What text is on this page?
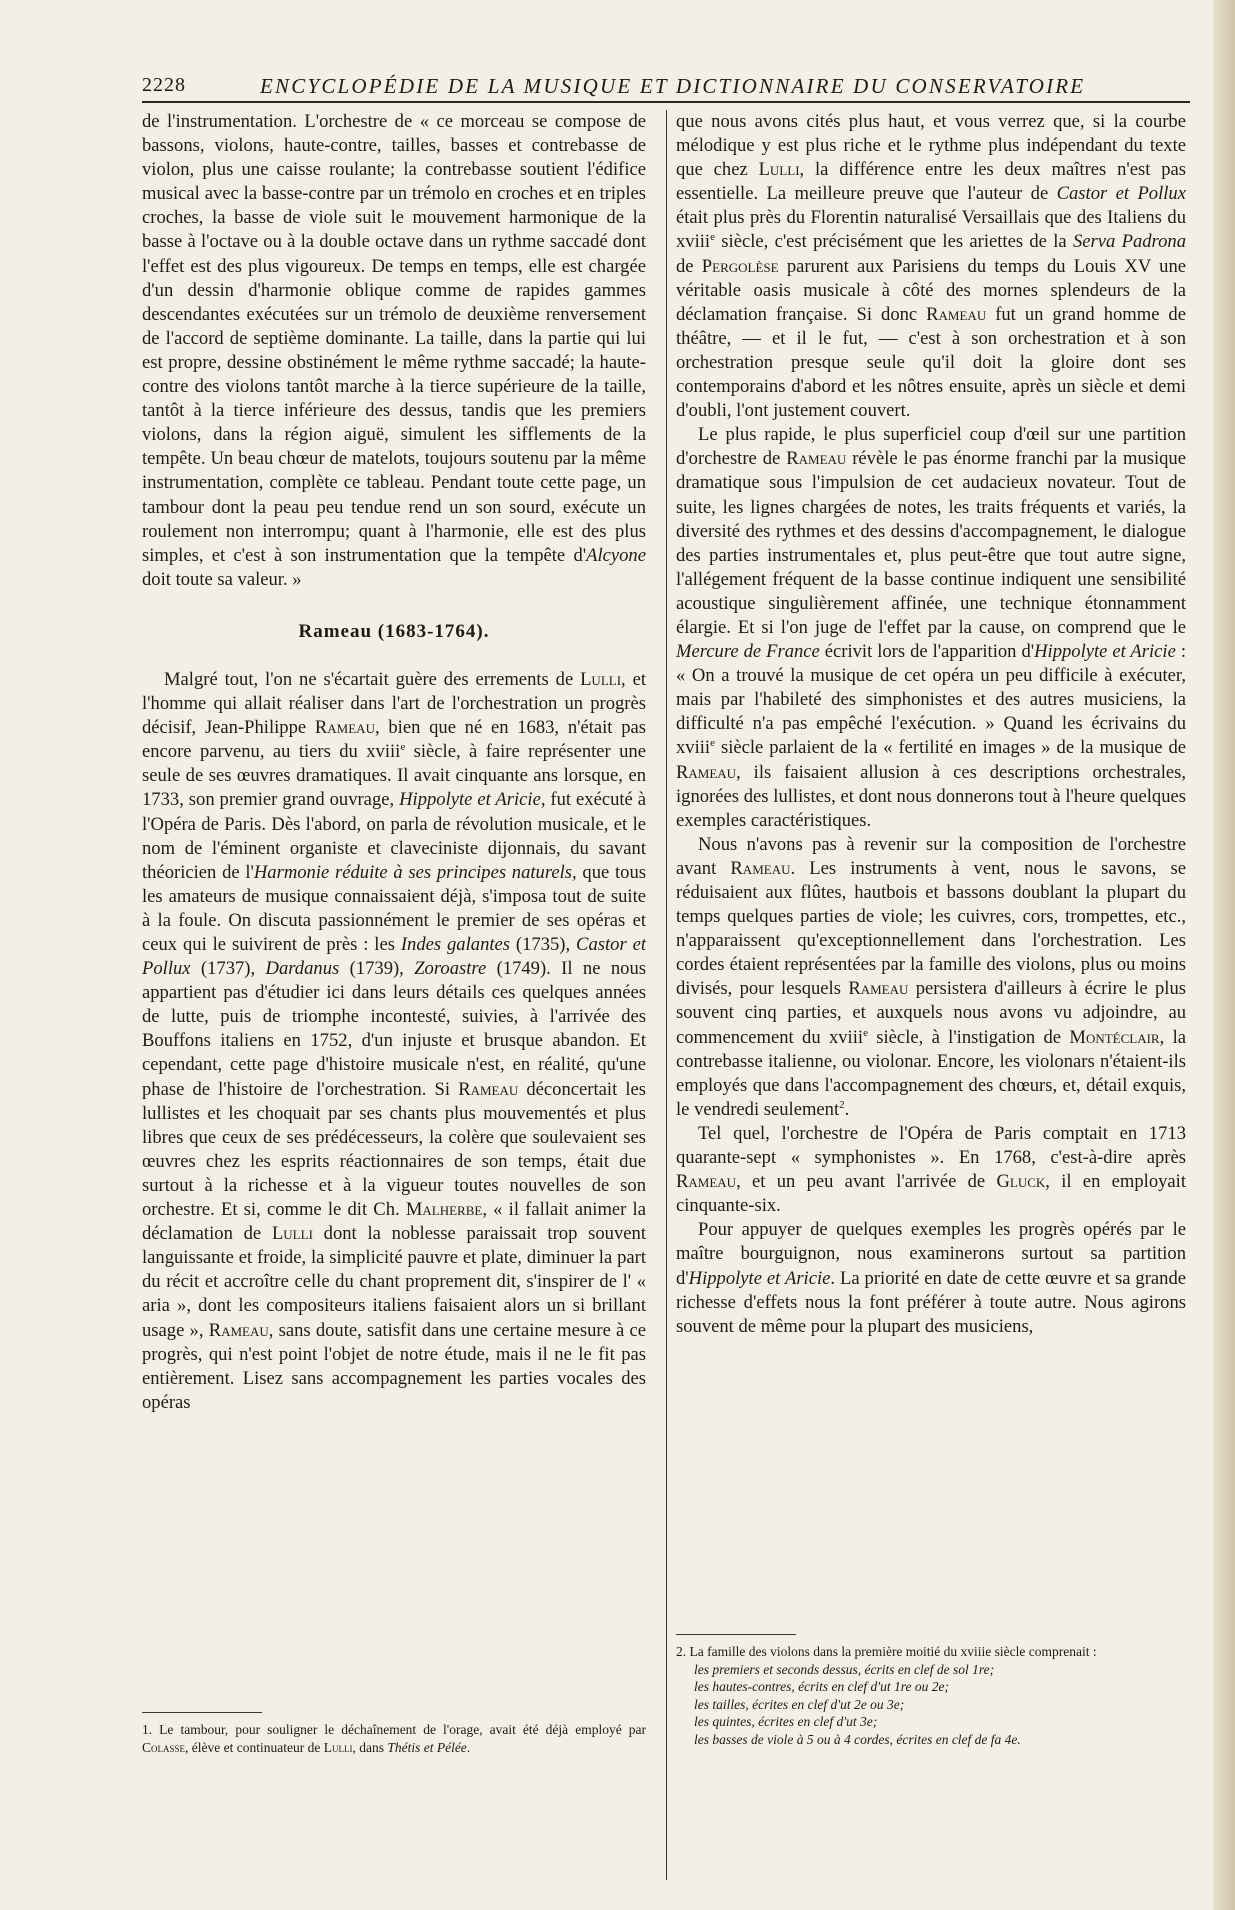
2228	ENCYCLOPÉDIE DE LA MUSIQUE ET DICTIONNAIRE DU CONSERVATOIRE

de l'instrumentation. L'orchestre de « ce morceau se compose de bassons, violons, haute-contre, tailles, basses et contrebasse de violon, plus une caisse roulante; la contrebasse soutient l'édifice musical avec la basse-contre par un trémolo en croches et en triples croches, la basse de viole suit le mouvement harmonique de la basse à l'octave ou à la double octave dans un rythme saccadé dont l'effet est des plus vigoureux. De temps en temps, elle est chargée d'un dessin d'harmonie oblique comme de rapides gammes descendantes exécutées sur un trémolo de deuxième renversement de l'accord de septième dominante. La taille, dans la partie qui lui est propre, dessine obstinément le même rythme saccadé; la haute-contre des violons tantôt marche à la tierce supérieure de la taille, tantôt à la tierce inférieure des dessus, tandis que les premiers violons, dans la région aiguë, simulent les sifflements de la tempête. Un beau chœur de matelots, toujours soutenu par la même instrumentation, complète ce tableau. Pendant toute cette page, un tambour dont la peau peu tendue rend un son sourd, exécute un roulement non interrompu; quant à l'harmonie, elle est des plus simples, et c'est à son instrumentation que la tempête d'Alcyone doit toute sa valeur. »

Rameau (1683-1764).

Malgré tout, l'on ne s'écartait guère des errements de Lulli, et l'homme qui allait réaliser dans l'art de l'orchestration un progrès décisif, Jean-Philippe Rameau, bien que né en 1683, n'était pas encore parvenu, au tiers du xviii$^e$ siècle, à faire représenter une seule de ses œuvres dramatiques. Il avait cinquante ans lorsque, en 1733, son premier grand ouvrage, Hippolyte et Aricie, fut exécuté à l'Opéra de Paris. Dès l'abord, on parla de révolution musicale, et le nom de l'éminent organiste et claveciniste dijonnais, du savant théoricien de l'Harmonie réduite à ses principes naturels, que tous les amateurs de musique connaissaient déjà, s'imposa tout de suite à la foule. On discuta passionnément le premier de ses opéras et ceux qui le suivirent de près : les Indes galantes (1735), Castor et Pollux (1737), Dardanus (1739), Zoroastre (1749). Il ne nous appartient pas d'étudier ici dans leurs détails ces quelques années de lutte, puis de triomphe incontesté, suivies, à l'arrivée des Bouffons italiens en 1752, d'un injuste et brusque abandon. Et cependant, cette page d'histoire musicale n'est, en réalité, qu'une phase de l'histoire de l'orchestration. Si Rameau déconcertait les lullistes et les choquait par ses chants plus mouvementés et plus libres que ceux de ses prédécesseurs, la colère que soulevaient ses œuvres chez les esprits réactionnaires de son temps, était due surtout à la richesse et à la vigueur toutes nouvelles de son orchestre. Et si, comme le dit Ch. Malherbe, « il fallait animer la déclamation de Lulli dont la noblesse paraissait trop souvent languissante et froide, la simplicité pauvre et plate, diminuer la part du récit et accroître celle du chant proprement dit, s'inspirer de l' « aria », dont les compositeurs italiens faisaient alors un si brillant usage », Rameau, sans doute, satisfit dans une certaine mesure à ce progrès, qui n'est point l'objet de notre étude, mais il ne le fit pas entièrement. Lisez sans accompagnement les parties vocales des opéras

que nous avons cités plus haut, et vous verrez que, si la courbe mélodique y est plus riche et le rythme plus indépendant du texte que chez Lulli, la différence entre les deux maîtres n'est pas essentielle. La meilleure preuve que l'auteur de Castor et Pollux était plus près du Florentin naturalisé Versaillais que des Italiens du xviii$^e$ siècle, c'est précisément que les ariettes de la Serva Padrona de Pergolèse parurent aux Parisiens du temps du Louis XV une véritable oasis musicale à côté des mornes splendeurs de la déclamation française. Si donc Rameau fut un grand homme de théâtre, — et il le fut, — c'est à son orchestration et à son orchestration presque seule qu'il doit la gloire dont ses contemporains d'abord et les nôtres ensuite, après un siècle et demi d'oubli, l'ont justement couvert.

Le plus rapide, le plus superficiel coup d'œil sur une partition d'orchestre de Rameau révèle le pas énorme franchi par la musique dramatique sous l'impulsion de cet audacieux novateur. Tout de suite, les lignes chargées de notes, les traits fréquents et variés, la diversité des rythmes et des dessins d'accompagnement, le dialogue des parties instrumentales et, plus peut-être que tout autre signe, l'allégement fréquent de la basse continue indiquent une sensibilité acoustique singulièrement affinée, une technique étonnamment élargie. Et si l'on juge de l'effet par la cause, on comprend que le Mercure de France écrivit lors de l'apparition d'Hippolyte et Aricie : « On a trouvé la musique de cet opéra un peu difficile à exécuter, mais par l'habileté des simphonistes et des autres musiciens, la difficulté n'a pas empêché l'exécution. » Quand les écrivains du xviii$^e$ siècle parlaient de la « fertilité en images » de la musique de Rameau, ils faisaient allusion à ces descriptions orchestrales, ignorées des lullistes, et dont nous donnerons tout à l'heure quelques exemples caractéristiques.

Nous n'avons pas à revenir sur la composition de l'orchestre avant Rameau. Les instruments à vent, nous le savons, se réduisaient aux flûtes, hautbois et bassons doublant la plupart du temps quelques parties de viole; les cuivres, cors, trompettes, etc., n'apparaissent qu'exceptionnellement dans l'orchestration. Les cordes étaient représentées par la famille des violons, plus ou moins divisés, pour lesquels Rameau persistera d'ailleurs à écrire le plus souvent cinq parties, et auxquels nous avons vu adjoindre, au commencement du xviii$^e$ siècle, à l'instigation de Montéclair, la contrebasse italienne, ou violonar. Encore, les violonars n'étaient-ils employés que dans l'accompagnement des chœurs, et, détail exquis, le vendredi seulement$^2$.

Tel quel, l'orchestre de l'Opéra de Paris comptait en 1713 quarante-sept « symphonistes ». En 1768, c'est-à-dire après Rameau, et un peu avant l'arrivée de Gluck, il en employait cinquante-six.

Pour appuyer de quelques exemples les progrès opérés par le maître bourguignon, nous examinerons surtout sa partition d'Hippolyte et Aricie. La priorité en date de cette œuvre et sa grande richesse d'effets nous la font préférer à toute autre. Nous agirons souvent de même pour la plupart des musiciens,

1. Le tambour, pour souligner le déchaînement de l'orage, avait été déjà employé par Colasse, élève et continuateur de Lulli, dans Thétis et Pélée.
2. La famille des violons dans la première moitié du xviiie siècle comprenait :
les premiers et seconds dessus, écrits en clef de sol 1re;
les hautes-contres, écrits en clef d'ut 1re ou 2e;
les tailles, écrites en clef d'ut 2e ou 3e;
les quintes, écrites en clef d'ut 3e;
les basses de viole à 5 ou à 4 cordes, écrites en clef de fa 4e.
